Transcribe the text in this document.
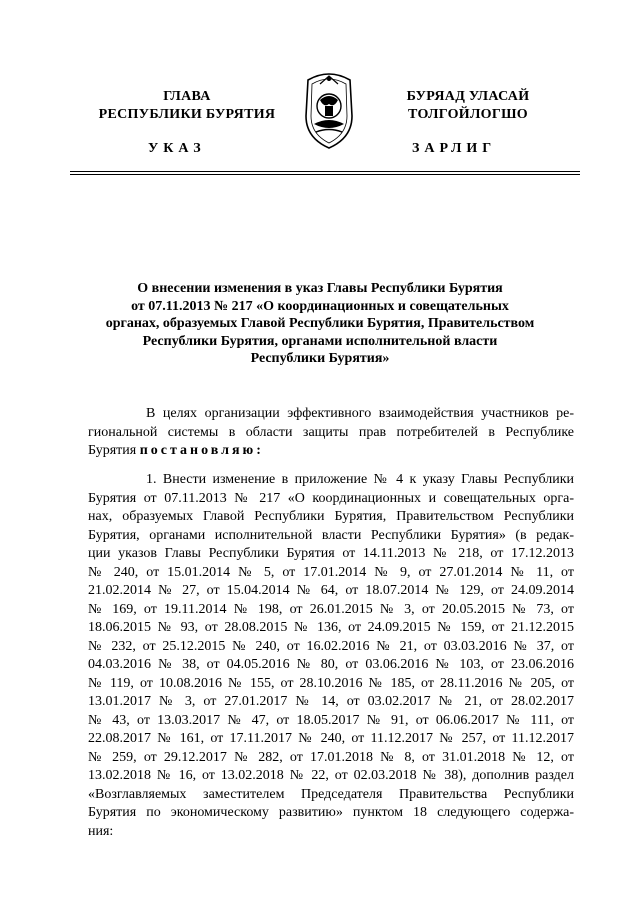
ГЛАВА
РЕСПУБЛИКИ БУРЯТИЯ
УКАЗ
БУРЯАД УЛАСАЙ
ТОЛГОЙЛОГШО
ЗАРЛИГ
О внесении изменения в указ Главы Республики Бурятия
от 07.11.2013 № 217 «О координационных и совещательных
органах, образуемых Главой Республики Бурятия, Правительством
Республики Бурятия, органами исполнительной власти
Республики Бурятия»
В целях организации эффективного взаимодействия участников ре-
гиональной системы в области защиты прав потребителей в Республике
Бурятия постановляю:
1. Внести изменение в приложение № 4 к указу Главы Республики
Бурятия от 07.11.2013 № 217 «О координационных и совещательных орга-
нах, образуемых Главой Республики Бурятия, Правительством Республики
Бурятия, органами исполнительной власти Республики Бурятия» (в редак-
ции указов Главы Республики Бурятия от 14.11.2013 № 218, от 17.12.2013
№ 240, от 15.01.2014 № 5, от 17.01.2014 № 9, от 27.01.2014 № 11, от
21.02.2014 № 27, от 15.04.2014 № 64, от 18.07.2014 № 129, от 24.09.2014
№ 169, от 19.11.2014 № 198, от 26.01.2015 № 3, от 20.05.2015 № 73, от
18.06.2015 № 93, от 28.08.2015 № 136, от 24.09.2015 № 159, от 21.12.2015
№ 232, от 25.12.2015 № 240, от 16.02.2016 № 21, от 03.03.2016 № 37, от
04.03.2016 № 38, от 04.05.2016 № 80, от 03.06.2016 № 103, от 23.06.2016
№ 119, от 10.08.2016 № 155, от 28.10.2016 № 185, от 28.11.2016 № 205, от
13.01.2017 № 3, от 27.01.2017 № 14, от 03.02.2017 № 21, от 28.02.2017
№ 43, от 13.03.2017 № 47, от 18.05.2017 № 91, от 06.06.2017 № 111, от
22.08.2017 № 161, от 17.11.2017 № 240, от 11.12.2017 № 257, от 11.12.2017
№ 259, от 29.12.2017 № 282, от 17.01.2018 № 8, от 31.01.2018 № 12, от
13.02.2018 № 16, от 13.02.2018 № 22, от 02.03.2018 № 38), дополнив раздел
«Возглавляемых заместителем Председателя Правительства Республики
Бурятия по экономическому развитию» пунктом 18 следующего содержа-
ния:
